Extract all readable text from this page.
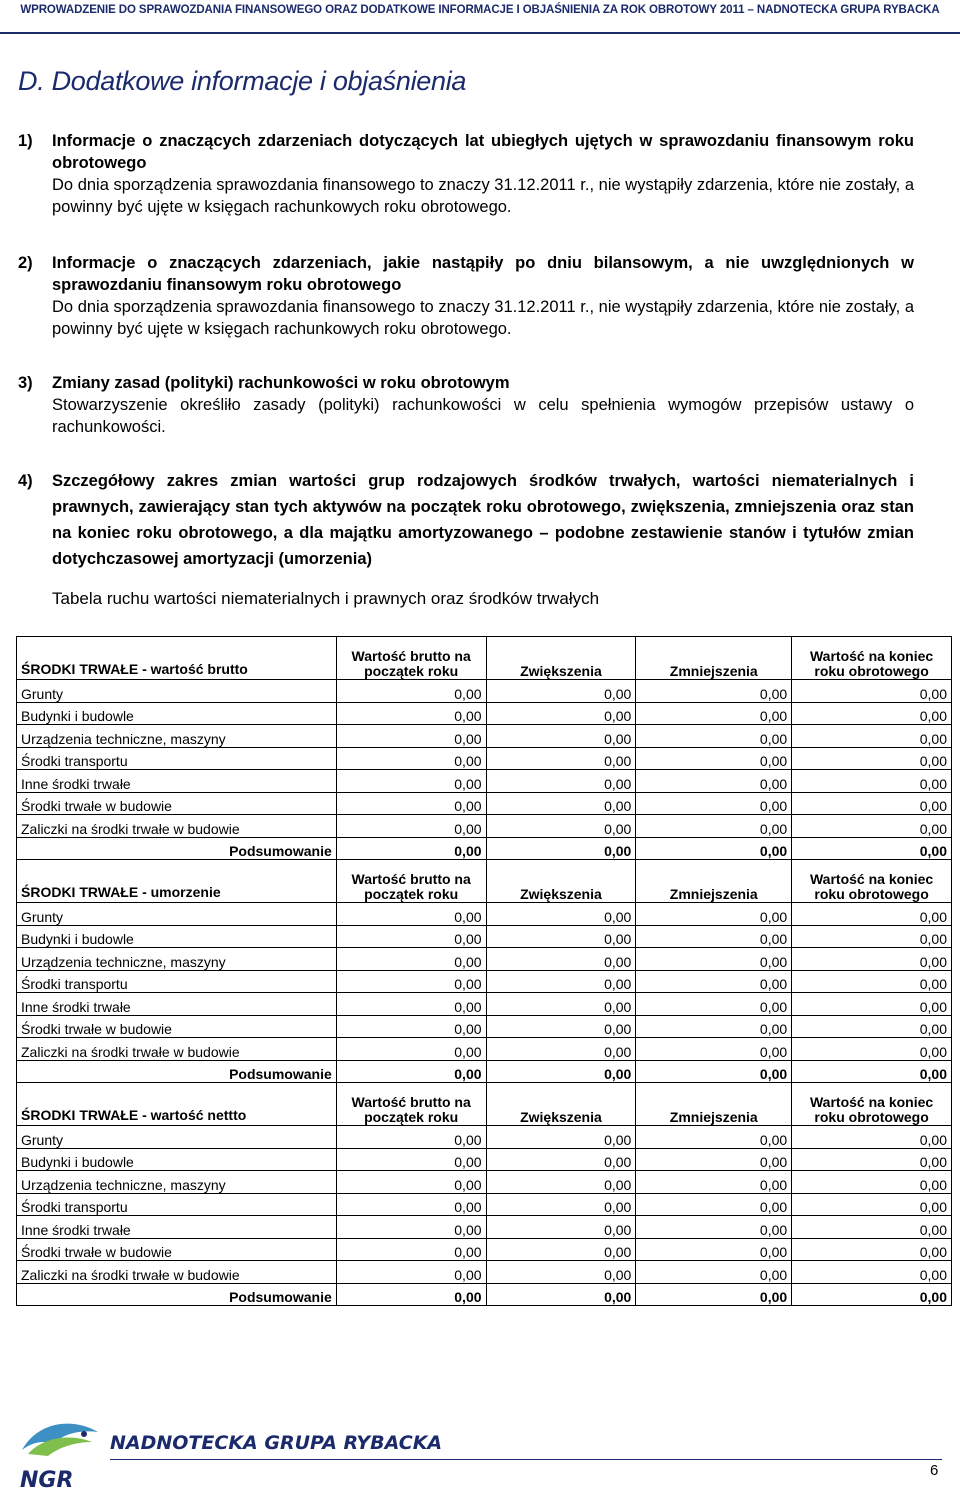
WPROWADZENIE DO SPRAWOZDANIA FINANSOWEGO ORAZ DODATKOWE INFORMACJE I OBJAŚNIENIA ZA ROK OBROTOWY 2011 – NADNOTECKA GRUPA RYBACKA
D. Dodatkowe informacje i objaśnienia
1) Informacje o znaczących zdarzeniach dotyczących lat ubiegłych ujętych w sprawozdaniu finansowym roku obrotowego
Do dnia sporządzenia sprawozdania finansowego to znaczy 31.12.2011 r., nie wystąpiły zdarzenia, które nie zostały, a powinny być ujęte w księgach rachunkowych roku obrotowego.
2) Informacje o znaczących zdarzeniach, jakie nastąpiły po dniu bilansowym, a nie uwzględnionych w sprawozdaniu finansowym roku obrotowego
Do dnia sporządzenia sprawozdania finansowego to znaczy 31.12.2011 r., nie wystąpiły zdarzenia, które nie zostały, a powinny być ujęte w księgach rachunkowych roku obrotowego.
3) Zmiany zasad (polityki) rachunkowości w roku obrotowym
Stowarzyszenie określiło zasady (polityki) rachunkowości w celu spełnienia wymogów przepisów ustawy o rachunkowości.
4) Szczegółowy zakres zmian wartości grup rodzajowych środków trwałych, wartości niematerialnych i prawnych, zawierający stan tych aktywów na początek roku obrotowego, zwiększenia, zmniejszenia oraz stan na koniec roku obrotowego, a dla majątku amortyzowanego – podobne zestawienie stanów i tytułów zmian dotychczasowej amortyzacji (umorzenia)
Tabela ruchu wartości niematerialnych i prawnych oraz środków trwałych
ŚRODKI TRWAŁE - wartość brutto	Wartość brutto na początek roku	Zwiększenia	Zmniejszenia	Wartość na koniec roku obrotowego
Grunty	0,00	0,00	0,00	0,00
Budynki i budowle	0,00	0,00	0,00	0,00
Urządzenia techniczne, maszyny	0,00	0,00	0,00	0,00
Środki transportu	0,00	0,00	0,00	0,00
Inne środki trwałe	0,00	0,00	0,00	0,00
Środki trwałe w budowie	0,00	0,00	0,00	0,00
Zaliczki na środki trwałe w budowie	0,00	0,00	0,00	0,00
Podsumowanie	0,00	0,00	0,00	0,00
ŚRODKI TRWAŁE - umorzenie	Wartość brutto na początek roku	Zwiększenia	Zmniejszenia	Wartość na koniec roku obrotowego
Grunty	0,00	0,00	0,00	0,00
Budynki i budowle	0,00	0,00	0,00	0,00
Urządzenia techniczne, maszyny	0,00	0,00	0,00	0,00
Środki transportu	0,00	0,00	0,00	0,00
Inne środki trwałe	0,00	0,00	0,00	0,00
Środki trwałe w budowie	0,00	0,00	0,00	0,00
Zaliczki na środki trwałe w budowie	0,00	0,00	0,00	0,00
Podsumowanie	0,00	0,00	0,00	0,00
ŚRODKI TRWAŁE - wartość nettto	Wartość brutto na początek roku	Zwiększenia	Zmniejszenia	Wartość na koniec roku obrotowego
Grunty	0,00	0,00	0,00	0,00
Budynki i budowle	0,00	0,00	0,00	0,00
Urządzenia techniczne, maszyny	0,00	0,00	0,00	0,00
Środki transportu	0,00	0,00	0,00	0,00
Inne środki trwałe	0,00	0,00	0,00	0,00
Środki trwałe w budowie	0,00	0,00	0,00	0,00
Zaliczki na środki trwałe w budowie	0,00	0,00	0,00	0,00
Podsumowanie	0,00	0,00	0,00	0,00
NGR
NADNOTECKA GRUPA RYBACKA
6
